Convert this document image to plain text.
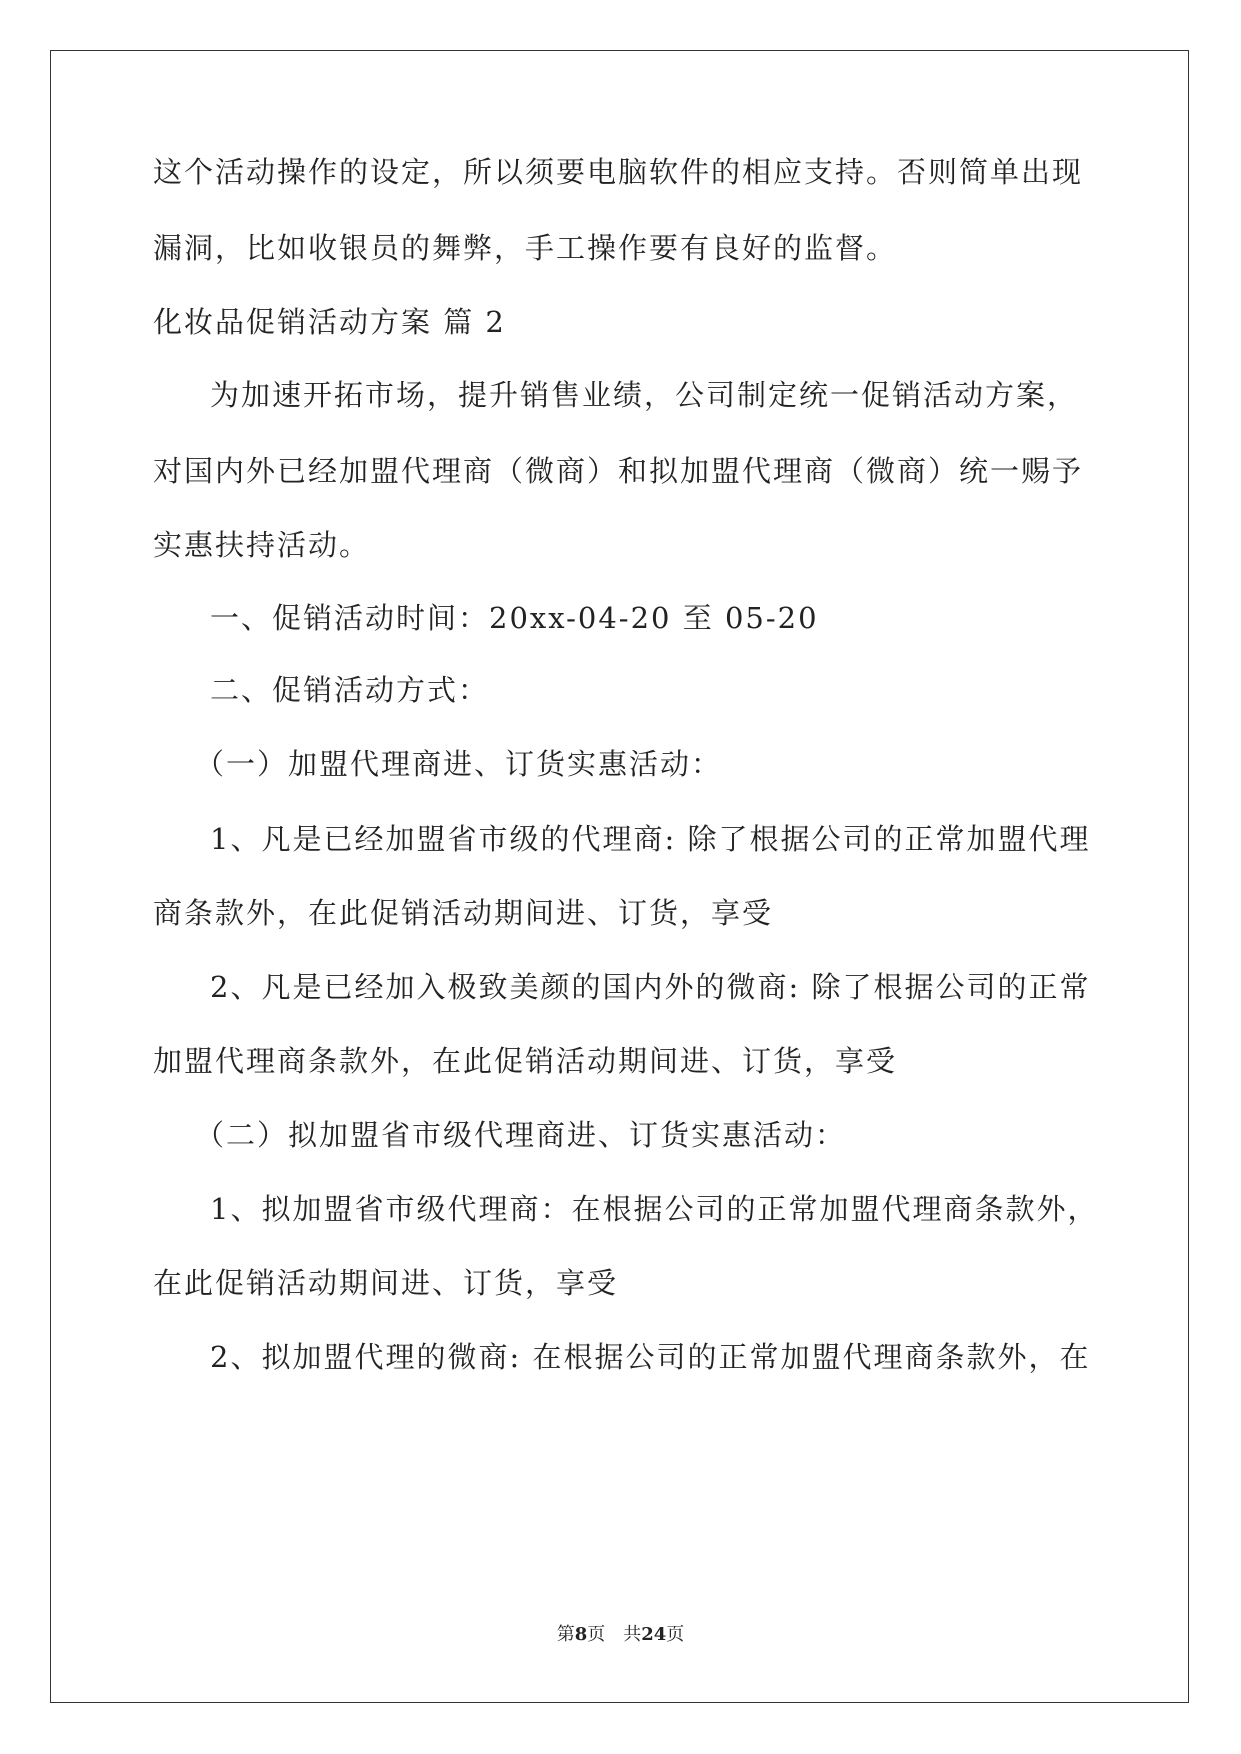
这个活动操作的设定，所以须要电脑软件的相应支持。否则简单出现
漏洞，比如收银员的舞弊，手工操作要有良好的监督。
化妆品促销活动方案 篇 2
为加速开拓市场，提升销售业绩，公司制定统一促销活动方案，
对国内外已经加盟代理商（微商）和拟加盟代理商（微商）统一赐予
实惠扶持活动。
一、促销活动时间：20xx-04-20 至 05-20
二、促销活动方式：
（一）加盟代理商进、订货实惠活动：
1、凡是已经加盟省市级的代理商: 除了根据公司的正常加盟代理
商条款外，在此促销活动期间进、订货，享受
2、凡是已经加入极致美颜的国内外的微商: 除了根据公司的正常
加盟代理商条款外，在此促销活动期间进、订货，享受
（二）拟加盟省市级代理商进、订货实惠活动：
1、拟加盟省市级代理商：在根据公司的正常加盟代理商条款外，
在此促销活动期间进、订货，享受
2、拟加盟代理的微商: 在根据公司的正常加盟代理商条款外，在
第8页　共24页
